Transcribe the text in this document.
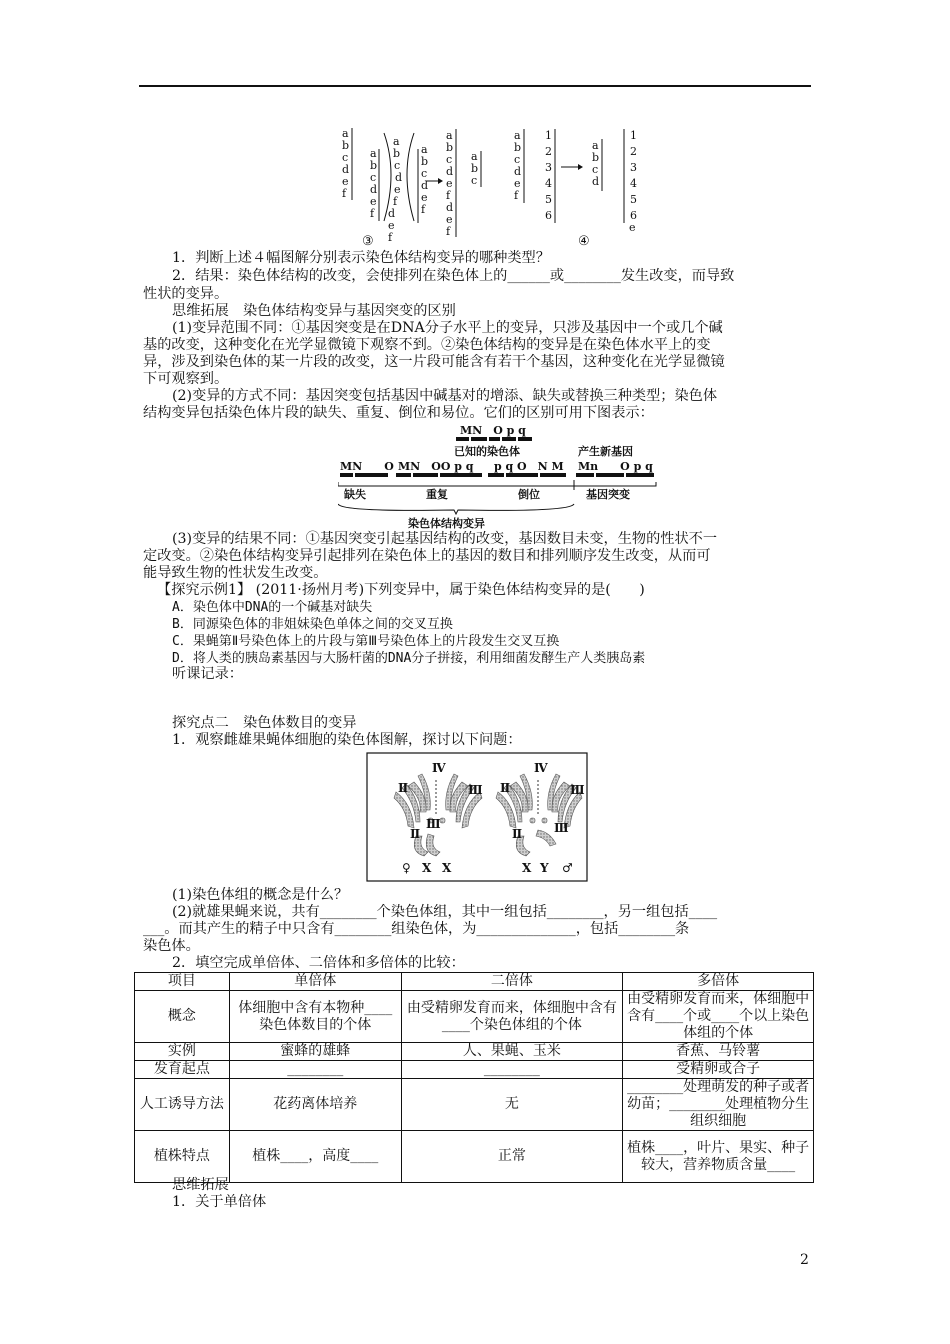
a
b
c
d
e
f
a
b
c
d
e
f
a
b
c
d
e
f
d
e
f
a
b
c
d
e
f
a
b
c
d
e
f
d
e
f
a
b
c
③
a
b
c
d
e
f
1
2
3
4
5
6
a
b
c
d
1
2
3
4
5
6
e
④
1．判断上述４幅图解分别表示染色体结构变异的哪种类型？
2．结果：染色体结构的改变，会使排列在染色体上的______或________发生改变，而导致
性状的变异。
思维拓展　染色体结构变异与基因突变的区别
(1)变异范围不同：①基因突变是在DNA分子水平上的变异，只涉及基因中一个或几个碱
基的改变，这种变化在光学显微镜下观察不到。②染色体结构的变异是在染色体水平上的变
异，涉及到染色体的某一片段的改变，这一片段可能含有若干个基因，这种变化在光学显微镜
下可观察到。
(2)变异的方式不同：基因突变包括基因中碱基对的增添、缺失或替换三种类型；染色体
结构变异包括染色体片段的缺失、重复、倒位和易位。它们的区别可用下图表示：
MN　O p q
已知的染色体	产生新基因
MN　　O MN　OO p q p q O　N M Mn　　O p q
缺失	重复	倒位	基因突变
染色体结构变异
(3)变异的结果不同：①基因突变引起基因结构的改变，基因数目未变，生物的性状不一
定改变。②染色体结构变异引起排列在染色体上的基因的数目和排列顺序发生改变，从而可
能导致生物的性状发生改变。
【探究示例1】 (2011·扬州月考)下列变异中，属于染色体结构变异的是(　　)
A．染色体中DNA的一个碱基对缺失
B．同源染色体的非姐妹染色单体之间的交叉互换
C．果蝇第Ⅱ号染色体上的片段与第Ⅲ号染色体上的片段发生交叉互换
D．将人类的胰岛素基因与大肠杆菌的DNA分子拼接，利用细菌发酵生产人类胰岛素
听课记录：
探究点二　染色体数目的变异
1．观察雌雄果蝇体细胞的染色体图解，探讨以下问题：
Ⅳ	Ⅳ
Ⅱ	Ⅲ Ⅱ	Ⅲ
Ⅱ
Ⅲ
Ⅱ	Ⅲ
♀ X X	X Y ♂
(1)染色体组的概念是什么？
(2)就雄果蝇来说，共有________个染色体组，其中一组包括________，另一组包括____
___。而其产生的精子中只含有________组染色体，为______________，包括________条
染色体。
2．填空完成单倍体、二倍体和多倍体的比较：
项目	单倍体	二倍体	多倍体
概念	体细胞中含有本物种____染色体数目的个体	由受精卵发育而来，体细胞中含有____个染色体组的个体	由受精卵发育而来，体细胞中含有____个或____个以上染色体组的个体
实例	蜜蜂的雄蜂	人、果蝇、玉米	香蕉、马铃薯
发育起点	________	________	受精卵或合子
人工诱导方法	花药离体培养	无	________处理萌发的种子或者幼苗；________处理植物分生组织细胞
植株特点	植株____，高度____	正常	植株____，叶片、果实、种子较大，营养物质含量____
思维拓展
1．关于单倍体
2
